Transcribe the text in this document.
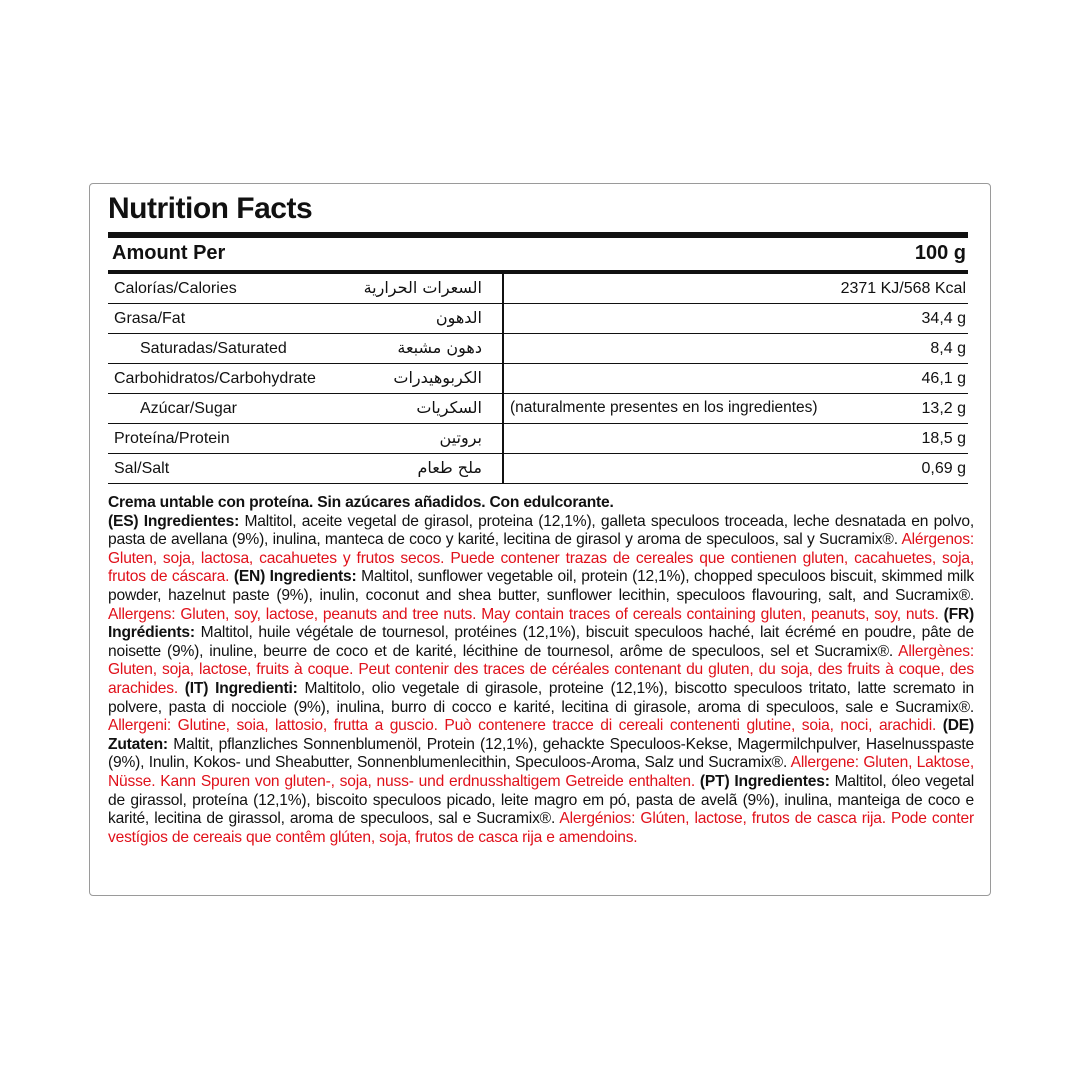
Nutrition Facts
Amount Per	100 g
Calorías/Calories	السعرات الحرارية	2371 KJ/568 Kcal
Grasa/Fat	الدهون	34,4 g
Saturadas/Saturated	دهون مشبعة	8,4 g
Carbohidratos/Carbohydrate	الكربوهيدرات	46,1 g
Azúcar/Sugar	السكريات (naturalmente presentes en los ingredientes)	13,2 g
Proteína/Protein	بروتين	18,5 g
Sal/Salt	ملح طعام	0,69 g
Crema untable con proteína. Sin azúcares añadidos. Con edulcorante.
(ES) Ingredientes: Maltitol, aceite vegetal de girasol, proteina (12,1%), galleta speculoos troceada, leche desnatada en polvo, pasta de avellana (9%), inulina, manteca de coco y karité, lecitina de girasol y aroma de speculoos, sal y Sucramix®. Alérgenos: Gluten, soja, lactosa, cacahuetes y frutos secos. Puede contener trazas de cereales que contienen gluten, cacahuetes, soja, frutos de cáscara. (EN) Ingredients: Maltitol, sunflower vegetable oil, protein (12,1%), chopped speculoos biscuit, skimmed milk powder, hazelnut paste (9%), inulin, coconut and shea butter, sunflower lecithin, speculoos flavouring, salt, and Sucramix®. Allergens: Gluten, soy, lactose, peanuts and tree nuts. May contain traces of cereals containing gluten, peanuts, soy, nuts. (FR) Ingrédients: Maltitol, huile végétale de tournesol, protéines (12,1%), biscuit speculoos haché, lait écrémé en poudre, pâte de noisette (9%), inuline, beurre de coco et de karité, lécithine de tournesol, arôme de speculoos, sel et Sucramix®. Allergènes: Gluten, soja, lactose, fruits à coque. Peut contenir des traces de céréales contenant du gluten, du soja, des fruits à coque, des arachides. (IT) Ingredienti: Maltitolo, olio vegetale di girasole, proteine (12,1%), biscotto speculoos tritato, latte scremato in polvere, pasta di nocciole (9%), inulina, burro di cocco e karité, lecitina di girasole, aroma di speculoos, sale e Sucramix®. Allergeni: Glutine, soia, lattosio, frutta a guscio. Può contenere tracce di cereali contenenti glutine, soia, noci, arachidi. (DE) Zutaten: Maltit, pflanzliches Sonnenblumenöl, Protein (12,1%), gehackte Speculoos-Kekse, Magermilchpulver, Haselnusspaste (9%), Inulin, Kokos- und Sheabutter, Sonnenblumenlecithin, Speculoos-Aroma, Salz und Sucramix®. Allergene: Gluten, Laktose, Nüsse. Kann Spuren von gluten-, soja, nuss- und erdnusshaltigem Getreide enthalten. (PT) Ingredientes: Maltitol, óleo vegetal de girassol, proteína (12,1%), biscoito speculoos picado, leite magro em pó, pasta de avelã (9%), inulina, manteiga de coco e karité, lecitina de girassol, aroma de speculoos, sal e Sucramix®. Alergénios: Glúten, lactose, frutos de casca rija. Pode conter vestígios de cereais que contêm glúten, soja, frutos de casca rija e amendoins.
